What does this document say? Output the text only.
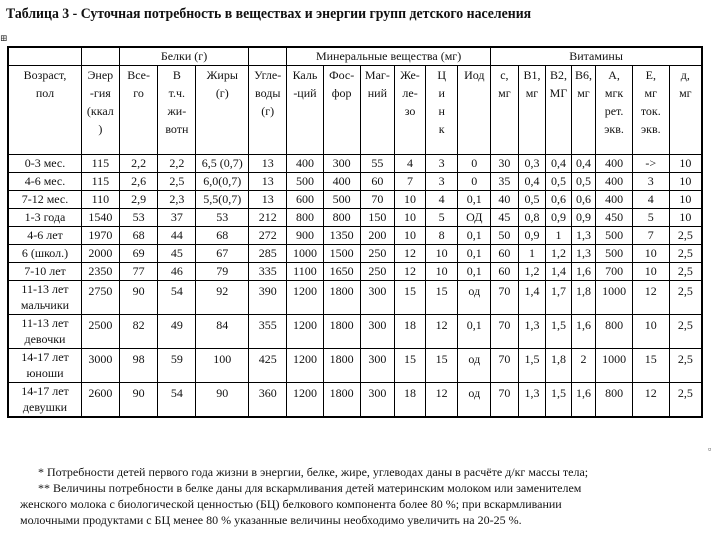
Таблица 3 - Суточная потребность в веществах и энергии групп детского населения
⊞
▫
		Белки (г)				Минеральные вещества (мг)						Витамины						

Возраст,
пол	Энер
-гия
(ккал
)	Все-
го	В
т.ч.
жи-
вотн	Жиры
(г)	Угле-
воды
(г)	Каль
-ций	Фос-
фор	Маг-
ний	Же-
ле-
зо	Ц
и
н
к	Иод	с,
мг	В1,
мг	В2,
МГ	В6,
мг	А,
мгк
рет.
экв.	Е,
мг
ток.
экв.	д,
мг

0-3 мес.	115	2,2	2,2	6,5 (0,7)	13	400	300	55	4	3	0	30	0,3	0,4	0,4	400	->	10

4-6 мес.	115	2,6	2,5	6,0(0,7)	13	500	400	60	7	3	0	35	0,4	0,5	0,5	400	3	10

7-12 мес.	110	2,9	2,3	5,5(0,7)	13	600	500	70	10	4	0,1	40	0,5	0,6	0,6	400	4	10

1-3 года	1540	53	37	53	212	800	800	150	10	5	ОД	45	0,8	0,9	0,9	450	5	10

4-6 лет	1970	68	44	68	272	900	1350	200	10	8	0,1	50	0,9	1	1,3	500	7	2,5

6 (школ.)	2000	69	45	67	285	1000	1500	250	12	10	0,1	60	1	1,2	1,3	500	10	2,5

7-10 лет	2350	77	46	79	335	1100	1650	250	12	10	0,1	60	1,2	1,4	1,6	700	10	2,5

11-13 лет
мальчики	2750	90	54	92	390	1200	1800	300	15	15	од	70	1,4	1,7	1,8	1000	12	2,5

11-13 лет
девочки	2500	82	49	84	355	1200	1800	300	18	12	0,1	70	1,3	1,5	1,6	800	10	2,5

14-17 лет
юноши	3000	98	59	100	425	1200	1800	300	15	15	од	70	1,5	1,8	2	1000	15	2,5

14-17 лет
девушки	2600	90	54	90	360	1200	1800	300	18	12	од	70	1,3	1,5	1,6	800	12	2,5
* Потребности детей первого года жизни в энергии, белке, жире, углеводах даны в расчёте д/кг массы тела;
** Величины потребности в белке даны для вскармливания детей материнским молоком или заменителем
женского молока с биологической ценностью (БЦ) белкового компонента более 80 %; при вскармливании
молочными продуктами с БЦ менее 80 % указанные величины необходимо увеличить на 20-25 %.
